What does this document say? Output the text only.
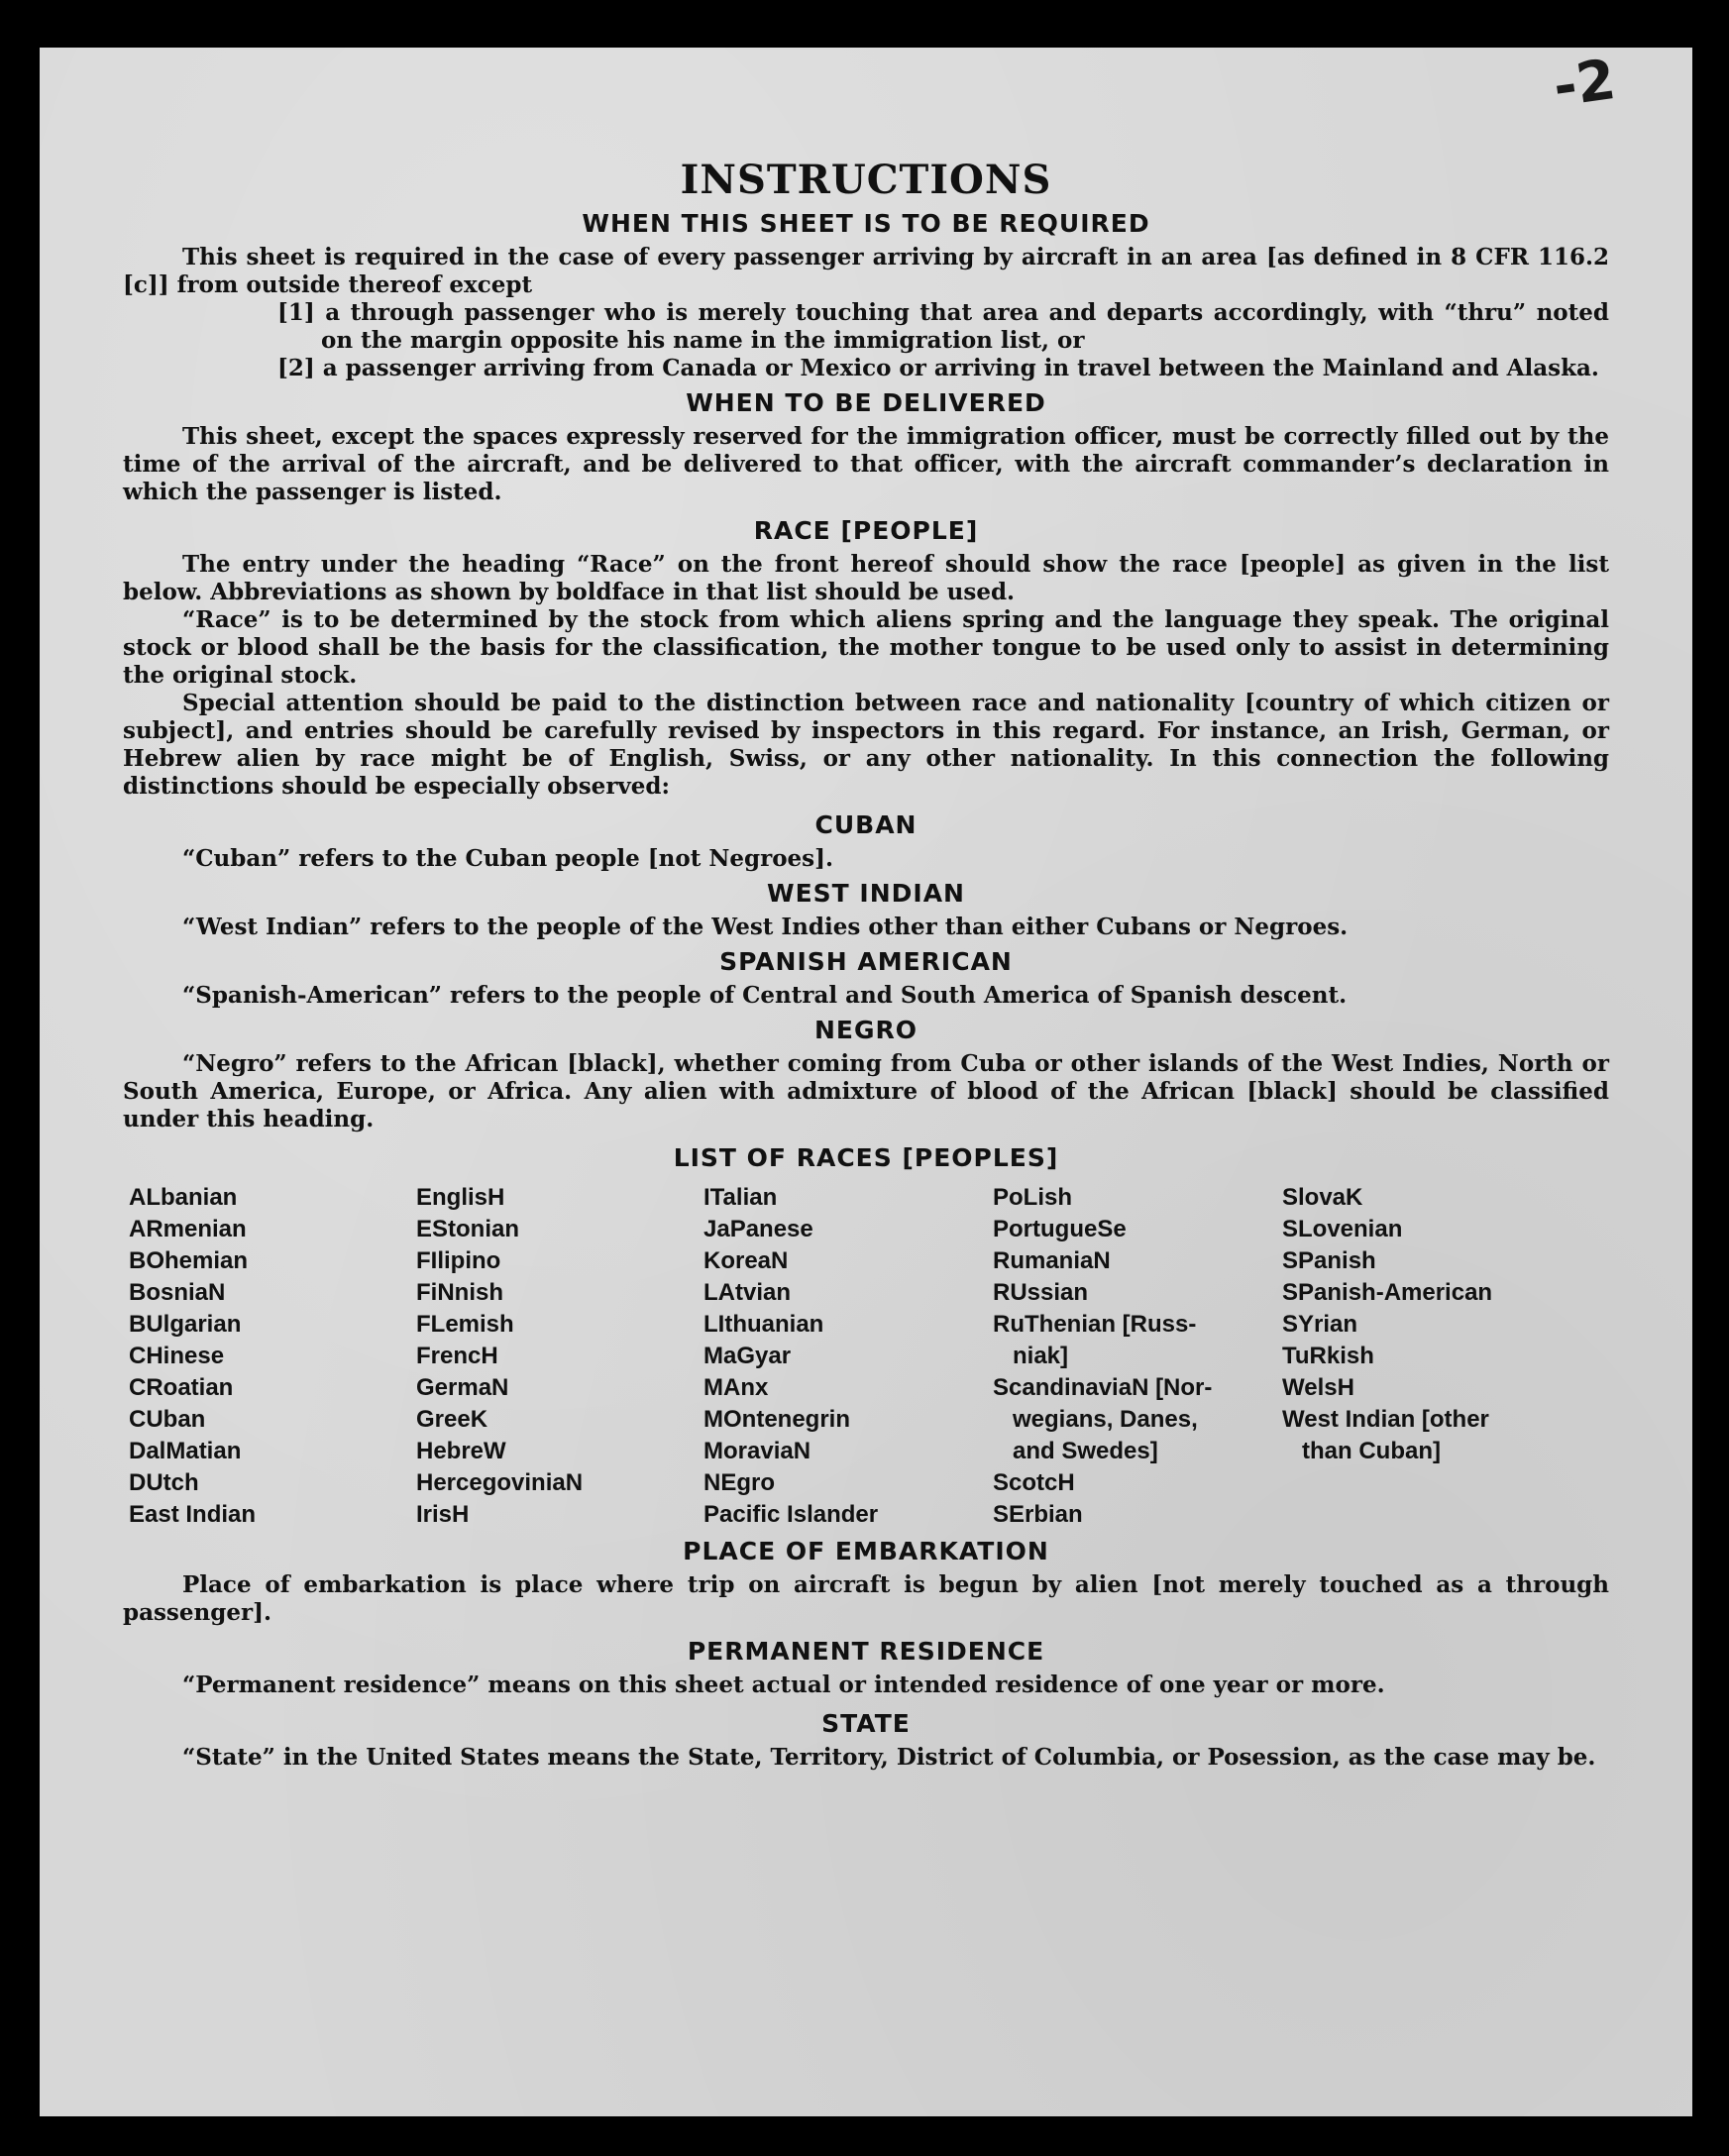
-2
INSTRUCTIONS
WHEN THIS SHEET IS TO BE REQUIRED

This sheet is required in the case of every passenger arriving by aircraft in an area [as defined in 8 CFR 116.2 [c]] from outside thereof except

[1] a through passenger who is merely touching that area and departs accordingly, with “thru” noted on the margin opposite his name in the immigration list, or

[2] a passenger arriving from Canada or Mexico or arriving in travel between the Mainland and Alaska.

WHEN TO BE DELIVERED

This sheet, except the spaces expressly reserved for the immigration officer, must be correctly filled out by the time of the arrival of the aircraft, and be delivered to that officer, with the aircraft commander’s declaration in which the passenger is listed.

RACE [PEOPLE]

The entry under the heading “Race” on the front hereof should show the race [people] as given in the list below. Abbreviations as shown by boldface in that list should be used.

“Race” is to be determined by the stock from which aliens spring and the language they speak. The original stock or blood shall be the basis for the classification, the mother tongue to be used only to assist in determining the original stock.

Special attention should be paid to the distinction between race and nationality [country of which citizen or subject], and entries should be carefully revised by inspectors in this regard. For instance, an Irish, German, or Hebrew alien by race might be of English, Swiss, or any other nationality. In this connection the following distinctions should be especially observed:

CUBAN

“Cuban” refers to the Cuban people [not Negroes].

WEST INDIAN

“West Indian” refers to the people of the West Indies other than either Cubans or Negroes.

SPANISH AMERICAN

“Spanish-American” refers to the people of Central and South America of Spanish descent.

NEGRO

“Negro” refers to the African [black], whether coming from Cuba or other islands of the West Indies, North or South America, Europe, or Africa. Any alien with admixture of blood of the African [black] should be classified under this heading.

LIST OF RACES [PEOPLES]
ALbanian
ARmenian
BOhemian
BosniaN
BUlgarian
CHinese
CRoatian
CUban
DalMatian
DUtch
East Indian
EnglisH
EStonian
FIlipino
FiNnish
FLemish
FrencH
GermaN
GreeK
HebreW
HercegoviniaN
IrisH
ITalian
JaPanese
KoreaN
LAtvian
LIthuanian
MaGyar
MAnx
MOntenegrin
MoraviaN
NEgro
Pacific Islander
PoLish
PortugueSe
RumaniaN
RUssian
RuThenian [Russ-
niak]
ScandinaviaN [Nor-
wegians, Danes,
and Swedes]
ScotcH
SErbian
SlovaK
SLovenian
SPanish
SPanish-American
SYrian
TuRkish
WelsH
West Indian [other
than Cuban]
PLACE OF EMBARKATION

Place of embarkation is place where trip on aircraft is begun by alien [not merely touched as a through passenger].

PERMANENT RESIDENCE

“Permanent residence” means on this sheet actual or intended residence of one year or more.

STATE

“State” in the United States means the State, Territory, District of Columbia, or Posession, as the case may be.
